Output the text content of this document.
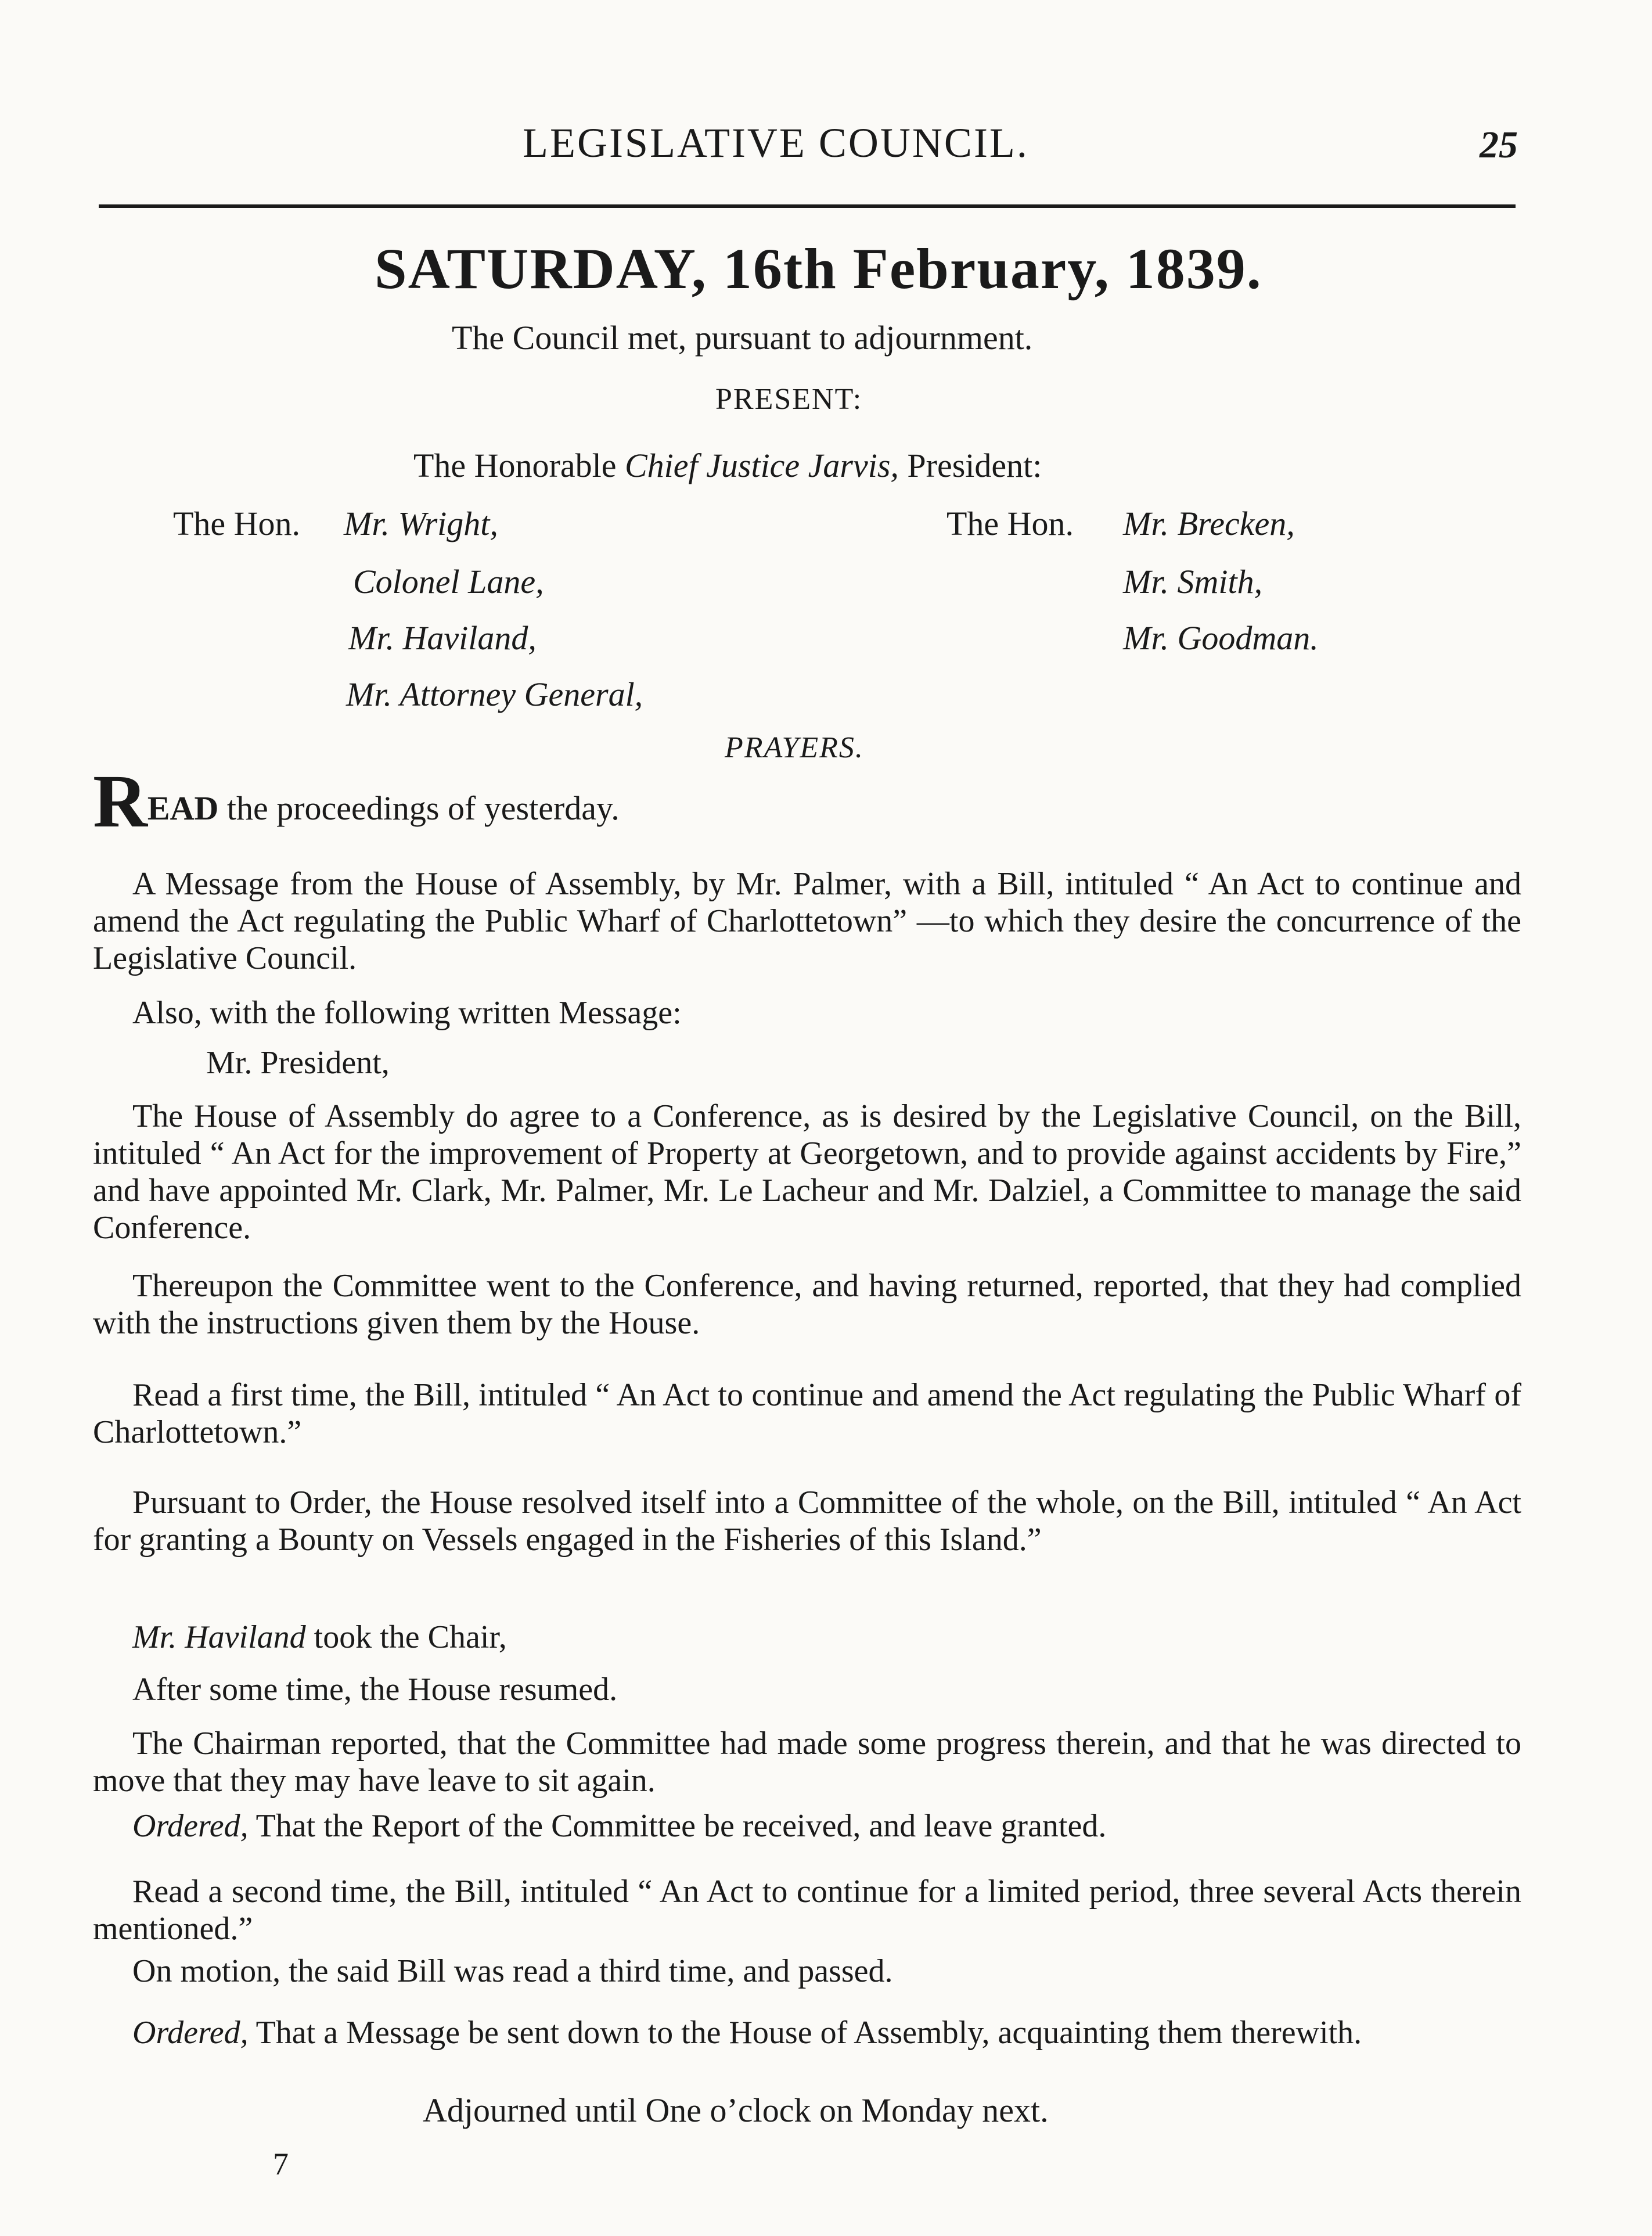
LEGISLATIVE COUNCIL.	25
SATURDAY, 16th February, 1839.
The Council met, pursuant to adjournment.
PRESENT:
The Honorable Chief Justice Jarvis, President:
The Hon. Mr. Wright,
Colonel Lane,
Mr. Haviland,
Mr. Attorney General,
The Hon. Mr. Brecken,
Mr. Smith,
Mr. Goodman.
PRAYERS.
READ the proceedings of yesterday.
A Message from the House of Assembly, by Mr. Palmer, with a Bill, intituled “ An Act to continue and amend the Act regulating the Public Wharf of Charlottetown” —to which they desire the concurrence of the Legislative Council.
Also, with the following written Message:
Mr. President,
The House of Assembly do agree to a Conference, as is desired by the Legislative Council, on the Bill, intituled “ An Act for the improvement of Property at Georgetown, and to provide against accidents by Fire,” and have appointed Mr. Clark, Mr. Palmer, Mr. Le Lacheur and Mr. Dalziel, a Committee to manage the said Conference.
Thereupon the Committee went to the Conference, and having returned, reported, that they had complied with the instructions given them by the House.
Read a first time, the Bill, intituled “ An Act to continue and amend the Act regulating the Public Wharf of Charlottetown.”
Pursuant to Order, the House resolved itself into a Committee of the whole, on the Bill, intituled “ An Act for granting a Bounty on Vessels engaged in the Fisheries of this Island.”
Mr. Haviland took the Chair,
After some time, the House resumed.
The Chairman reported, that the Committee had made some progress therein, and that he was directed to move that they may have leave to sit again.
Ordered, That the Report of the Committee be received, and leave granted.
Read a second time, the Bill, intituled “ An Act to continue for a limited period, three several Acts therein mentioned.”
On motion, the said Bill was read a third time, and passed.
Ordered, That a Message be sent down to the House of Assembly, acquainting them therewith.
Adjourned until One o’clock on Monday next.
7
